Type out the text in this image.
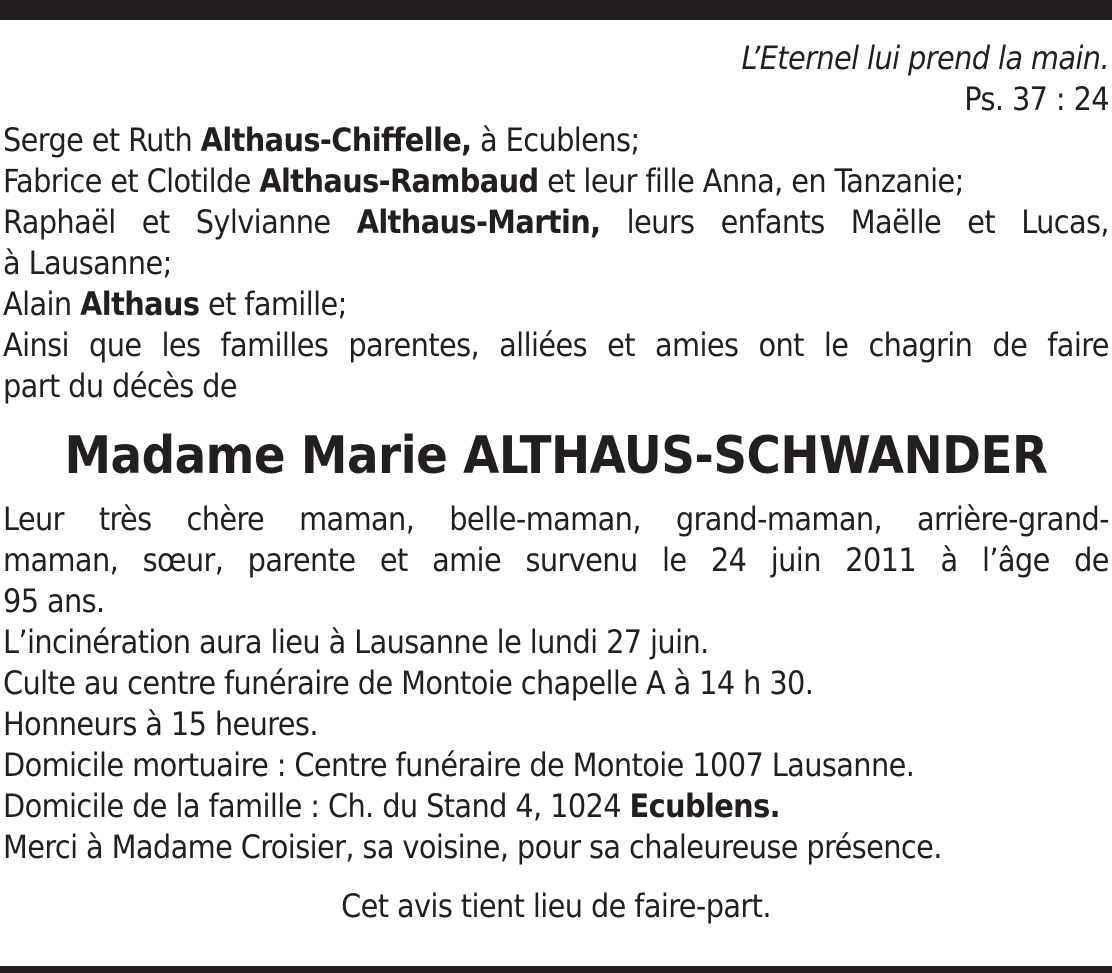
L’Eternel lui prend la main.
Ps. 37 : 24
Serge et Ruth Althaus-Chiffelle, à Ecublens;
Fabrice et Clotilde Althaus-Rambaud et leur fille Anna, en Tanzanie;
Raphaël et Sylvianne Althaus-Martin, leurs enfants Maëlle et Lucas,
à Lausanne;
Alain Althaus et famille;
Ainsi que les familles parentes, alliées et amies ont le chagrin de faire
part du décès de
Madame Marie ALTHAUS-SCHWANDER
Leur très chère maman, belle-maman, grand-maman, arrière-grand-
maman, sœur, parente et amie survenu le 24 juin 2011 à l’âge de
95 ans.
L’incinération aura lieu à Lausanne le lundi 27 juin.
Culte au centre funéraire de Montoie chapelle A à 14 h 30.
Honneurs à 15 heures.
Domicile mortuaire : Centre funéraire de Montoie 1007 Lausanne.
Domicile de la famille : Ch. du Stand 4, 1024 Ecublens.
Merci à Madame Croisier, sa voisine, pour sa chaleureuse présence.
Cet avis tient lieu de faire-part.
